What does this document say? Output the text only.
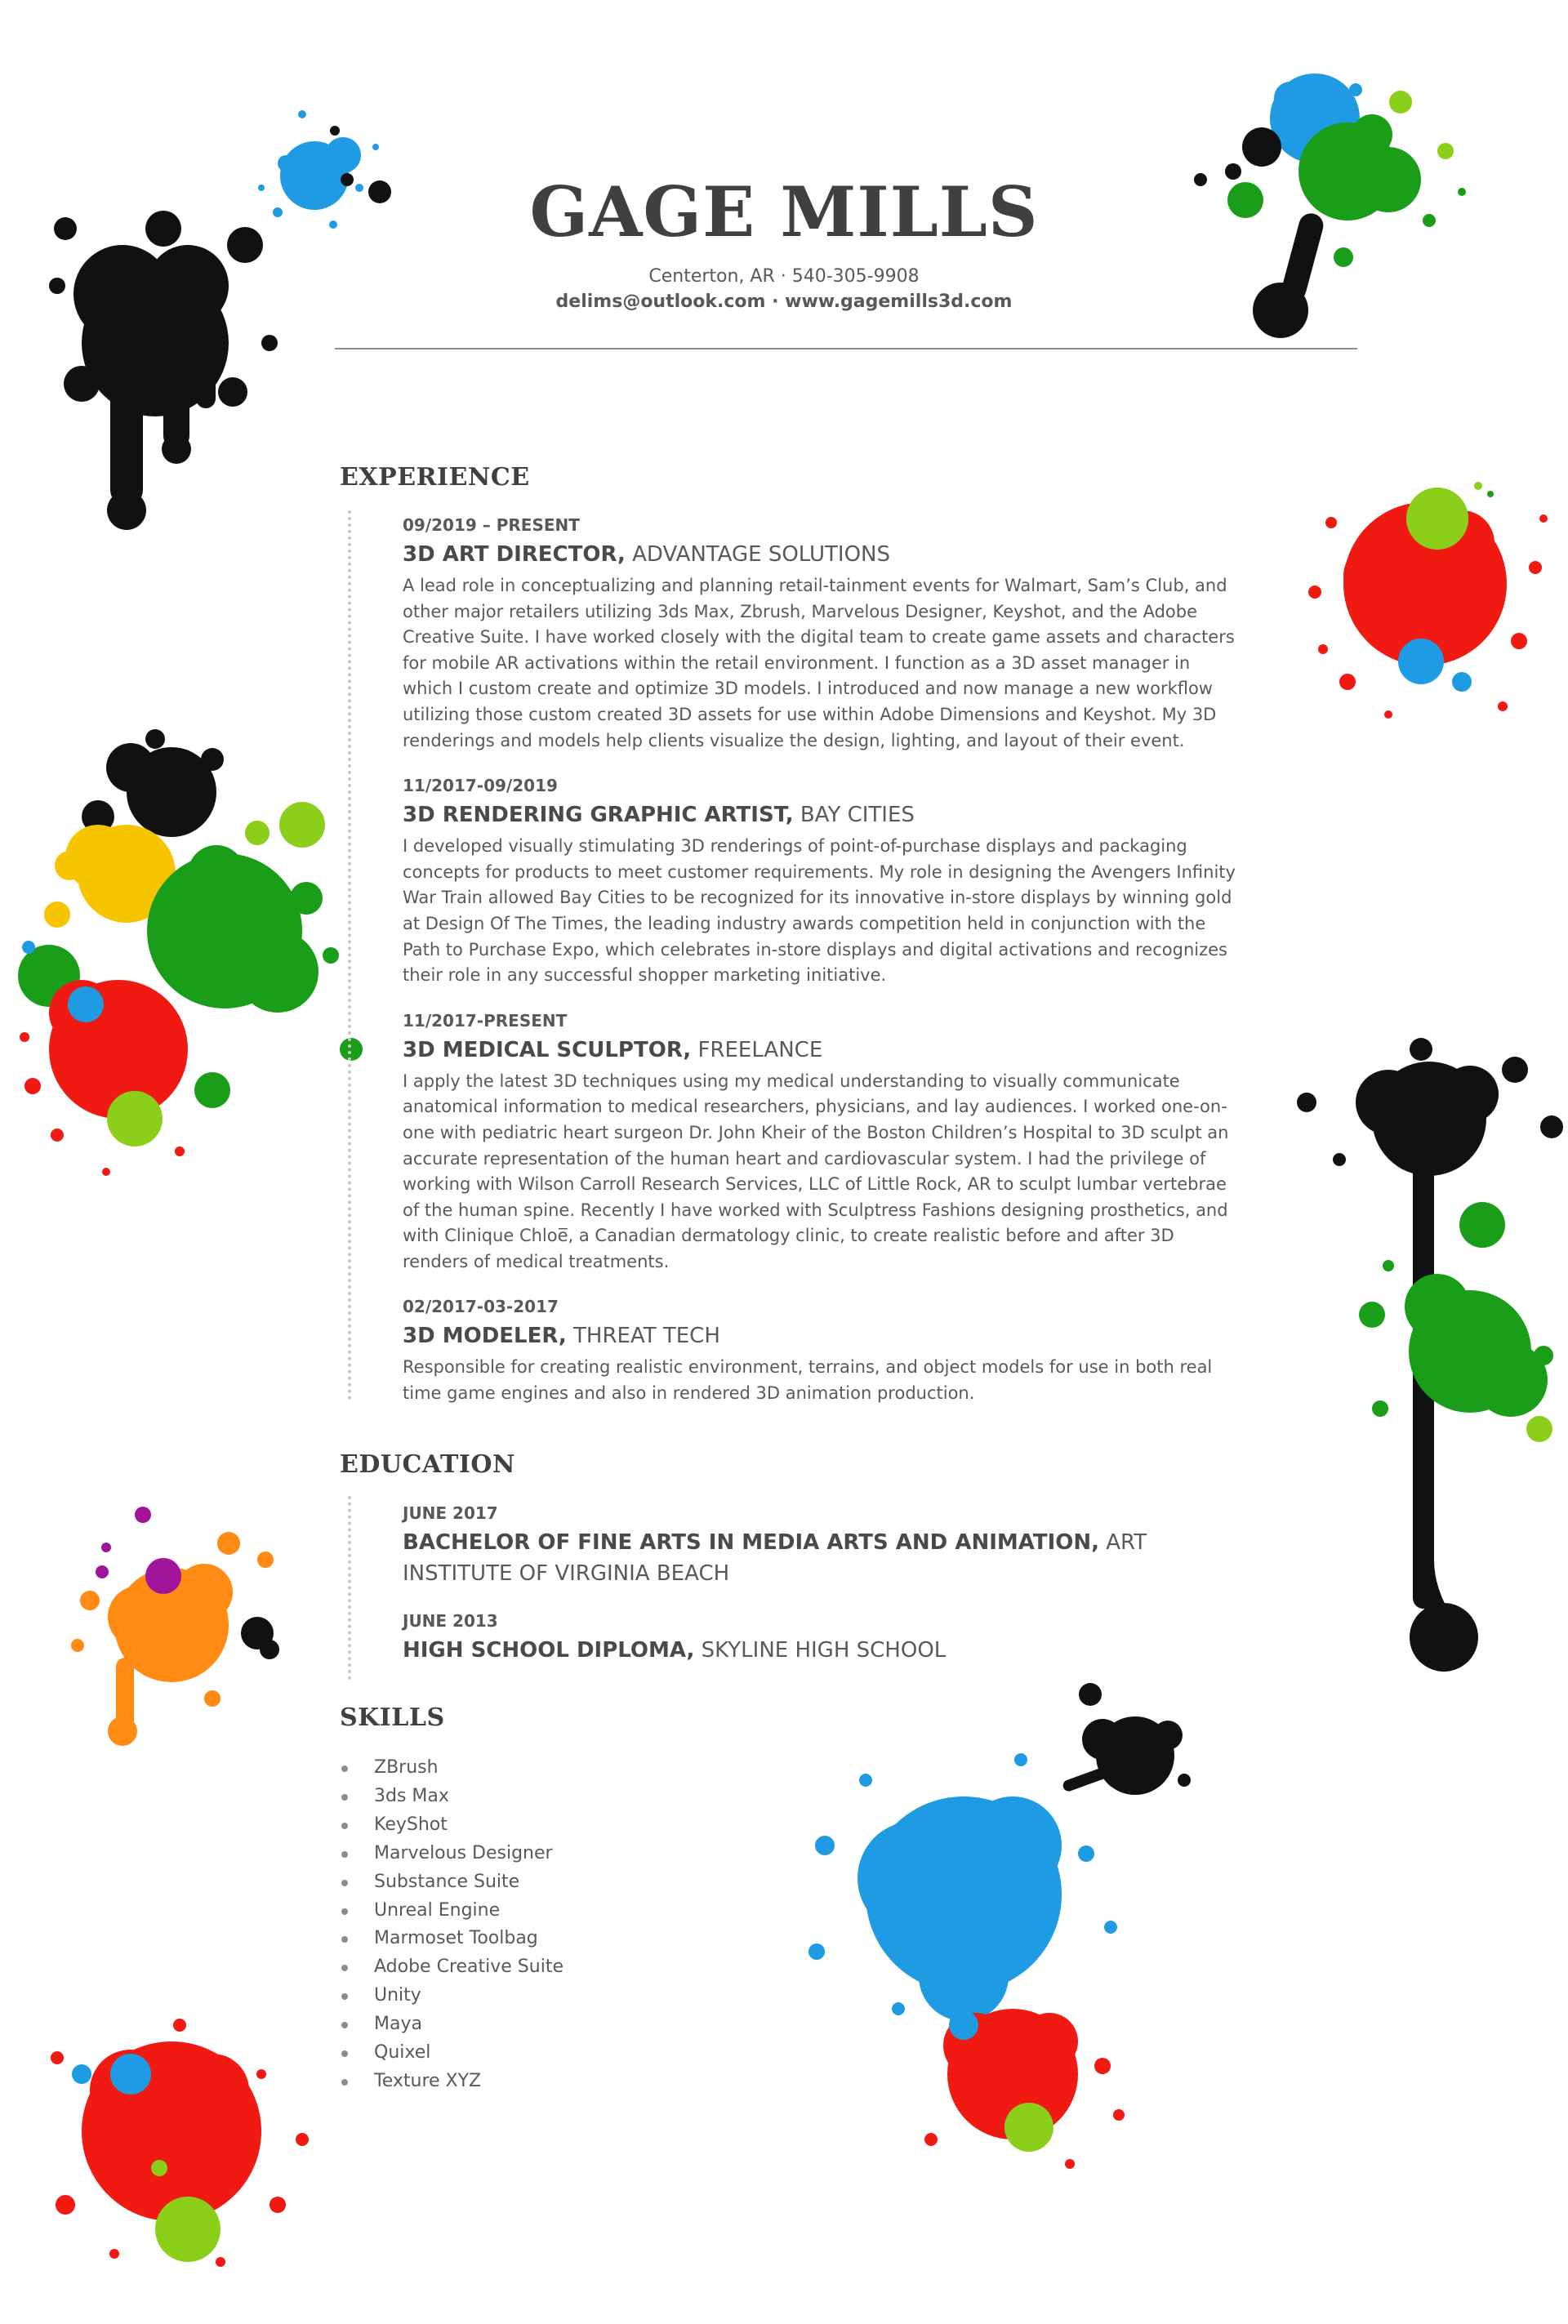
GAGE MILLS
Centerton, AR · 540-305-9908
delims@outlook.com · www.gagemills3d.com
EXPERIENCE
09/2019 – PRESENT
3D ART DIRECTOR, ADVANTAGE SOLUTIONS
A lead role in conceptualizing and planning retail-tainment events for Walmart, Sam’s Club, and other major retailers utilizing 3ds Max, Zbrush, Marvelous Designer, Keyshot, and the Adobe Creative Suite. I have worked closely with the digital team to create game assets and characters for mobile AR activations within the retail environment. I function as a 3D asset manager in which I custom create and optimize 3D models. I introduced and now manage a new workflow utilizing those custom created 3D assets for use within Adobe Dimensions and Keyshot. My 3D renderings and models help clients visualize the design, lighting, and layout of their event.
11/2017-09/2019
3D RENDERING GRAPHIC ARTIST, BAY CITIES
I developed visually stimulating 3D renderings of point-of-purchase displays and packaging concepts for products to meet customer requirements. My role in designing the Avengers Infinity War Train allowed Bay Cities to be recognized for its innovative in-store displays by winning gold at Design Of The Times, the leading industry awards competition held in conjunction with the Path to Purchase Expo, which celebrates in-store displays and digital activations and recognizes their role in any successful shopper marketing initiative.
11/2017-PRESENT
3D MEDICAL SCULPTOR, FREELANCE
I apply the latest 3D techniques using my medical understanding to visually communicate anatomical information to medical researchers, physicians, and lay audiences. I worked one-on-one with pediatric heart surgeon Dr. John Kheir of the Boston Children’s Hospital to 3D sculpt an accurate representation of the human heart and cardiovascular system. I had the privilege of working with Wilson Carroll Research Services, LLC of Little Rock, AR to sculpt lumbar vertebrae of the human spine. Recently I have worked with Sculptress Fashions designing prosthetics, and with Clinique Chloe̅, a Canadian dermatology clinic, to create realistic before and after 3D renders of medical treatments.
02/2017-03-2017
3D MODELER, THREAT TECH
Responsible for creating realistic environment, terrains, and object models for use in both real time game engines and also in rendered 3D animation production.
EDUCATION
JUNE 2017
BACHELOR OF FINE ARTS IN MEDIA ARTS AND ANIMATION, ART INSTITUTE OF VIRGINIA BEACH
JUNE 2013
HIGH SCHOOL DIPLOMA, SKYLINE HIGH SCHOOL
SKILLS
ZBrush
3ds Max
KeyShot
Marvelous Designer
Substance Suite
Unreal Engine
Marmoset Toolbag
Adobe Creative Suite
Unity
Maya
Quixel
Texture XYZ
